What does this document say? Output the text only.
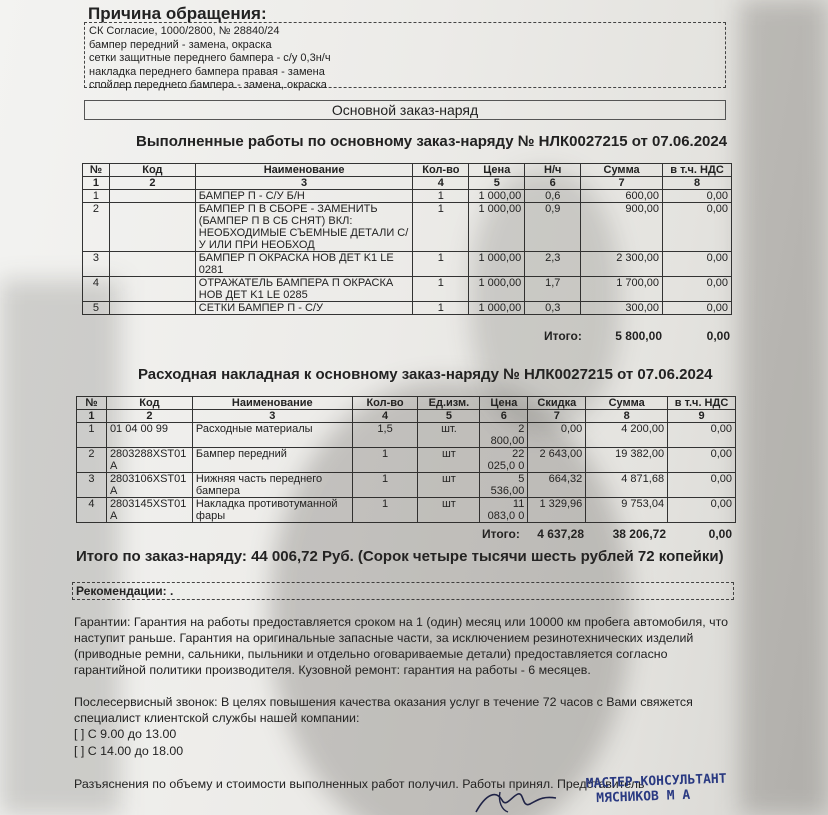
Причина обращения:
СК Согласие, 1000/2800, № 28840/24
бампер передний - замена, окраска
сетки защитные переднего бампера - с/у 0,3н/ч
накладка переднего бампера правая - замена
спойлер переднего бампера - замена, окраска
Основной заказ-наряд
Выполненные работы по основному заказ-наряду № НЛК0027215 от 07.06.2024
№	Код	Наименование	Кол-во	Цена	Н/ч	Сумма	в т.ч. НДС
1	2	3	4	5	6	7	8
1		БАМПЕР П - С/У Б/Н	1	1 000,00	0,6	600,00	0,00
2		БАМПЕР П В СБОРЕ - ЗАМЕНИТЬ (БАМПЕР П В СБ СНЯТ) ВКЛ: НЕОБХОДИМЫЕ СЪЕМНЫЕ ДЕТАЛИ С/У ИЛИ ПРИ НЕОБХОД	1	1 000,00	0,9	900,00	0,00
3		БАМПЕР П ОКРАСКА НОВ ДЕТ K1 LE 0281	1	1 000,00	2,3	2 300,00	0,00
4		ОТРАЖАТЕЛЬ БАМПЕРА П ОКРАСКА НОВ ДЕТ K1 LE 0285	1	1 000,00	1,7	1 700,00	0,00
5		СЕТКИ БАМПЕР П - С/У	1	1 000,00	0,3	300,00	0,00
Итого:	5 800,00	0,00
Расходная накладная к основному заказ-наряду № НЛК0027215 от 07.06.2024
№	Код	Наименование	Кол-во	Ед.изм.	Цена	Скидка	Сумма	в т.ч. НДС
1	2	3	4	5	6	7	8	9
1	01 04 00 99	Расходные материалы	1,5	шт.	2 800,00	0,00	4 200,00	0,00
2	2803288XST01 A	Бампер передний	1	шт	22 025,0 0	2 643,00	19 382,00	0,00
3	2803106XST01 A	Нижняя часть переднего бампера	1	шт	5 536,00	664,32	4 871,68	0,00
4	2803145XST01 A	Накладка противотуманной фары	1	шт	11 083,0 0	1 329,96	9 753,04	0,00
Итого:	4 637,28	38 206,72	0,00
Итого по заказ-наряду: 44 006,72 Руб. (Сорок четыре тысячи шесть рублей 72 копейки)
Рекомендации: .
Гарантии: Гарантия на работы предоставляется сроком на 1 (один) месяц или 10000 км пробега автомобиля, что наступит раньше. Гарантия на оригинальные запасные части, за исключением резинотехнических изделий (приводные ремни, сальники, пыльники и отдельно оговариваемые детали) предоставляется согласно гарантийной политики производителя. Кузовной ремонт: гарантия на работы - 6 месяцев.
Послесервисный звонок: В целях повышения качества оказания услуг в течение 72 часов с Вами свяжется специалист клиентской службы нашей компании:
[ ] С 9.00 до 13.00
[ ] С 14.00 до 18.00
Разъяснения по объему и стоимости выполненных работ получил. Работы принял. Представитель
МАСТЕР-КОНСУЛЬТАНТ
МЯСНИКОВ М А
